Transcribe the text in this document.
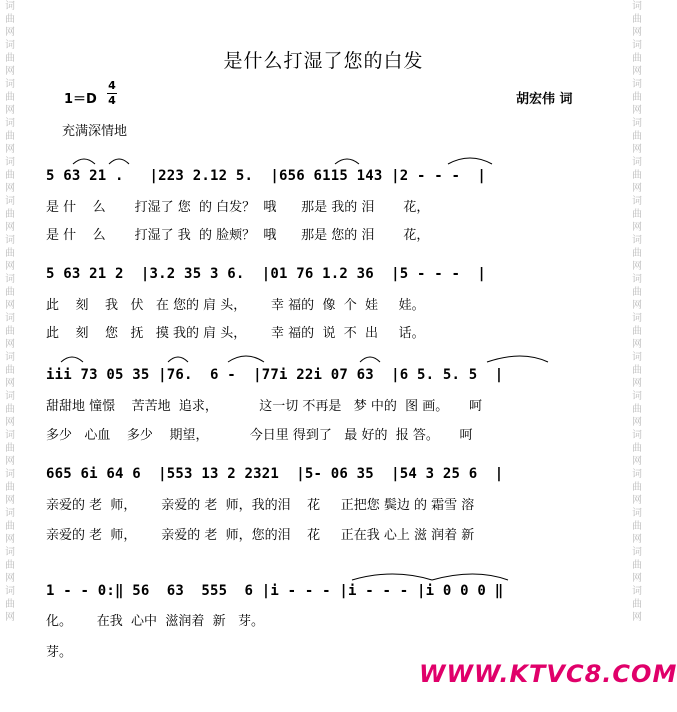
词曲网词曲网词曲网词曲网词曲网词曲网词曲网词曲网词曲网词曲网词曲网词曲网词曲网词曲网词曲网词曲网
词曲网词曲网词曲网词曲网词曲网词曲网词曲网词曲网词曲网词曲网词曲网词曲网词曲网词曲网词曲网词曲网
是什么打湿了您的白发
1＝D
4
4	胡宏伟 词
充满深情地
5 63 21 .   |223 2.12 5.  |656 6115 143 |2 - - -  |
是 什    么       打湿了 您  的 白发？  哦      那是 我的 泪       花，
是 什    么       打湿了 我  的 脸颊？  哦      那是 您的 泪       花，
5 63 21 2  |3.2 35 3 6.  |01 76 1.2 36  |5 - - -  |
此    刻    我   伏   在 您的 肩 头，      幸 福的  像  个  娃     娃。
此    刻    您   抚   摸 我的 肩 头，      幸 福的  说  不  出     话。
iii 73 05 35 |76.  6 -  |77i 22i 07 63  |6 5. 5. 5  |
甜甜地 憧憬    苦苦地  追求，          这一切 不再是   梦 中的  图 画。     呵
多少   心血    多少    期望，          今日里 得到了   最 好的  报 答。     呵
665 6i 64 6  |553 13 2 2321  |5- 06 35  |54 3 25 6  |
亲爱的 老  师，      亲爱的 老  师，我的泪    花     正把您 鬓边 的 霜雪 溶
亲爱的 老  师，      亲爱的 老  师，您的泪    花     正在我 心上 滋 润着 新
1 - - 0:‖ 56  63  555  6 |i - - - |i - - - |i 0 0 0 ‖
化。      在我  心中  滋润着  新   芽。
芽。
WWW.KTVC8.COM
